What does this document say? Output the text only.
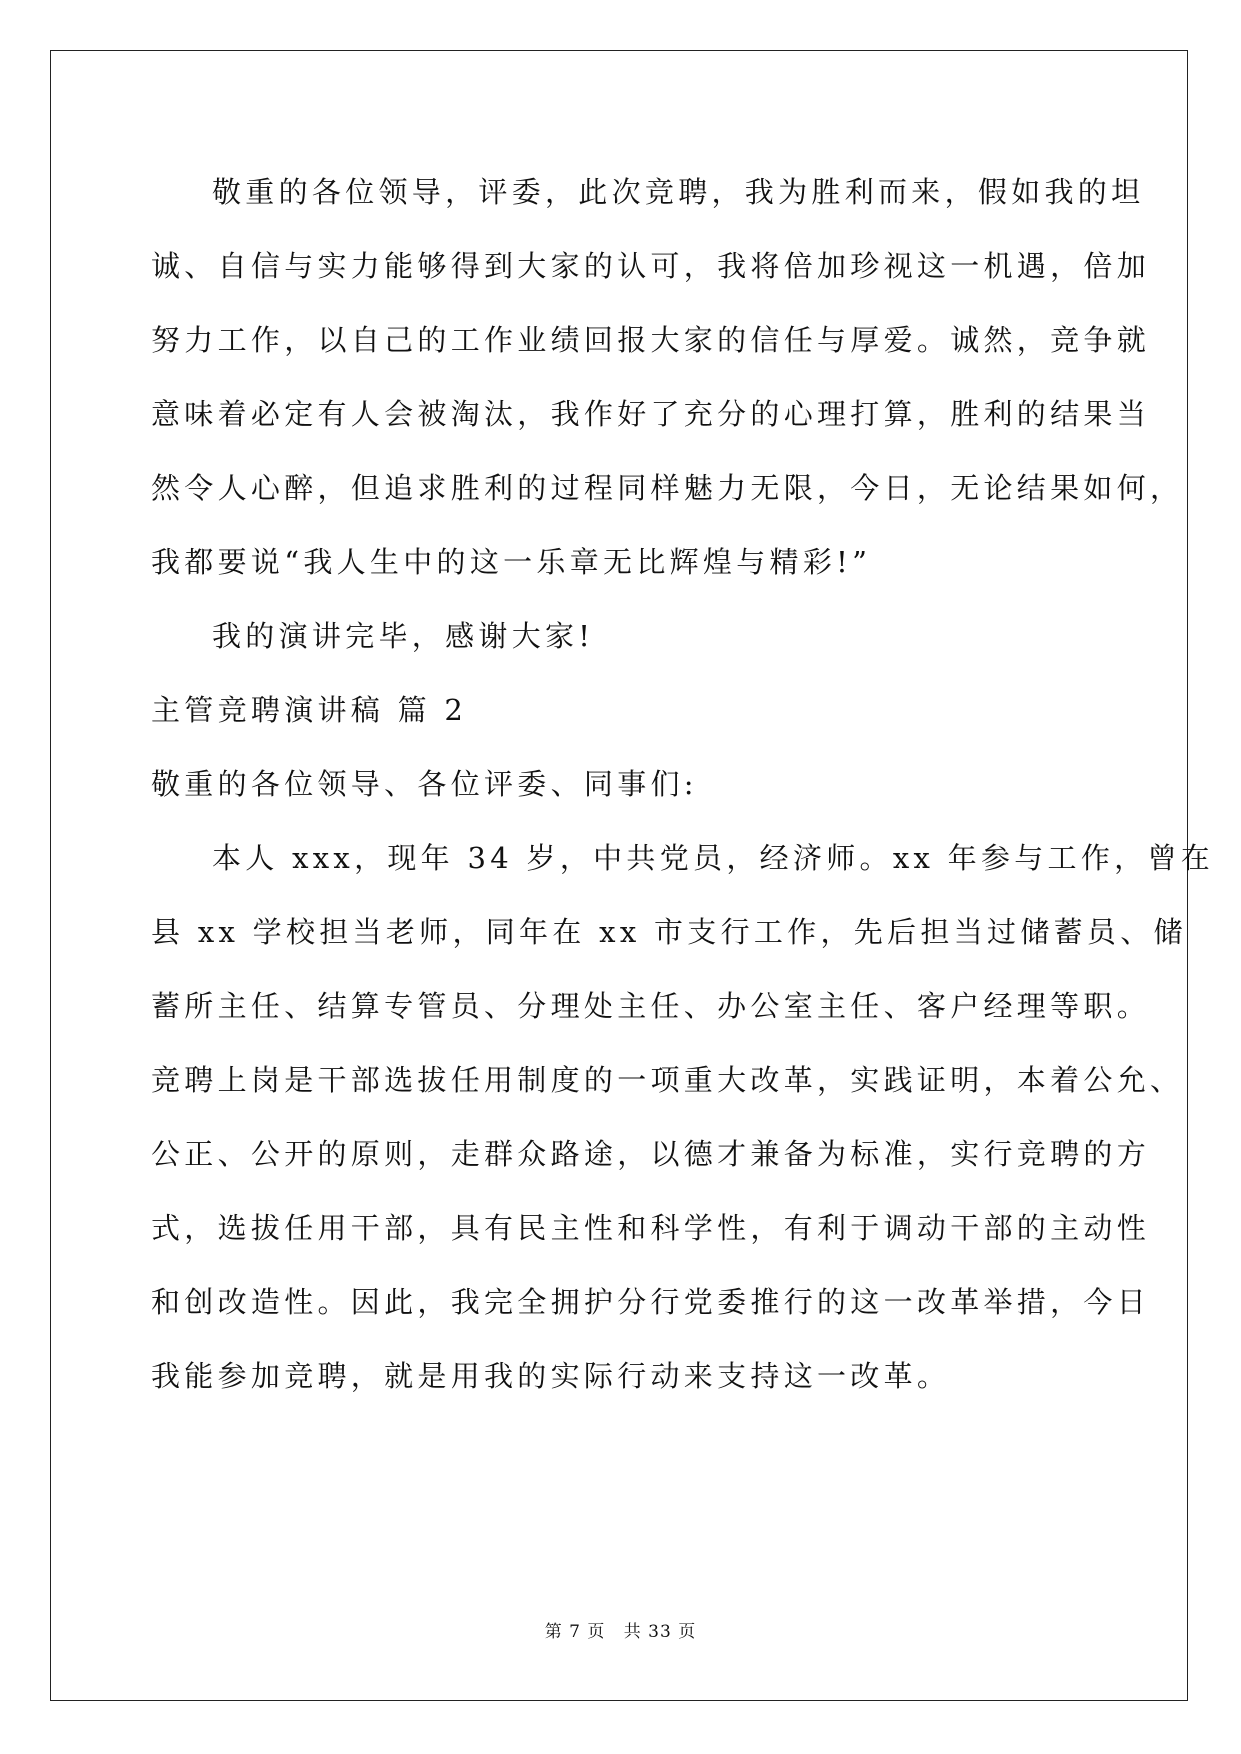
敬重的各位领导，评委，此次竞聘，我为胜利而来，假如我的坦
诚、自信与实力能够得到大家的认可，我将倍加珍视这一机遇，倍加
努力工作，以自己的工作业绩回报大家的信任与厚爱。诚然，竞争就
意味着必定有人会被淘汰，我作好了充分的心理打算，胜利的结果当
然令人心醉，但追求胜利的过程同样魅力无限，今日，无论结果如何，
我都要说“我人生中的这一乐章无比辉煌与精彩!”
我的演讲完毕，感谢大家!
主管竞聘演讲稿 篇 2
敬重的各位领导、各位评委、同事们:
本人 xxx，现年 34 岁，中共党员，经济师。xx 年参与工作，曾在
县 xx 学校担当老师，同年在 xx 市支行工作，先后担当过储蓄员、储
蓄所主任、结算专管员、分理处主任、办公室主任、客户经理等职。
竞聘上岗是干部选拔任用制度的一项重大改革，实践证明，本着公允、
公正、公开的原则，走群众路途，以德才兼备为标准，实行竞聘的方
式，选拔任用干部，具有民主性和科学性，有利于调动干部的主动性
和创改造性。因此，我完全拥护分行党委推行的这一改革举措，今日
我能参加竞聘，就是用我的实际行动来支持这一改革。
第 7 页 共 33 页
